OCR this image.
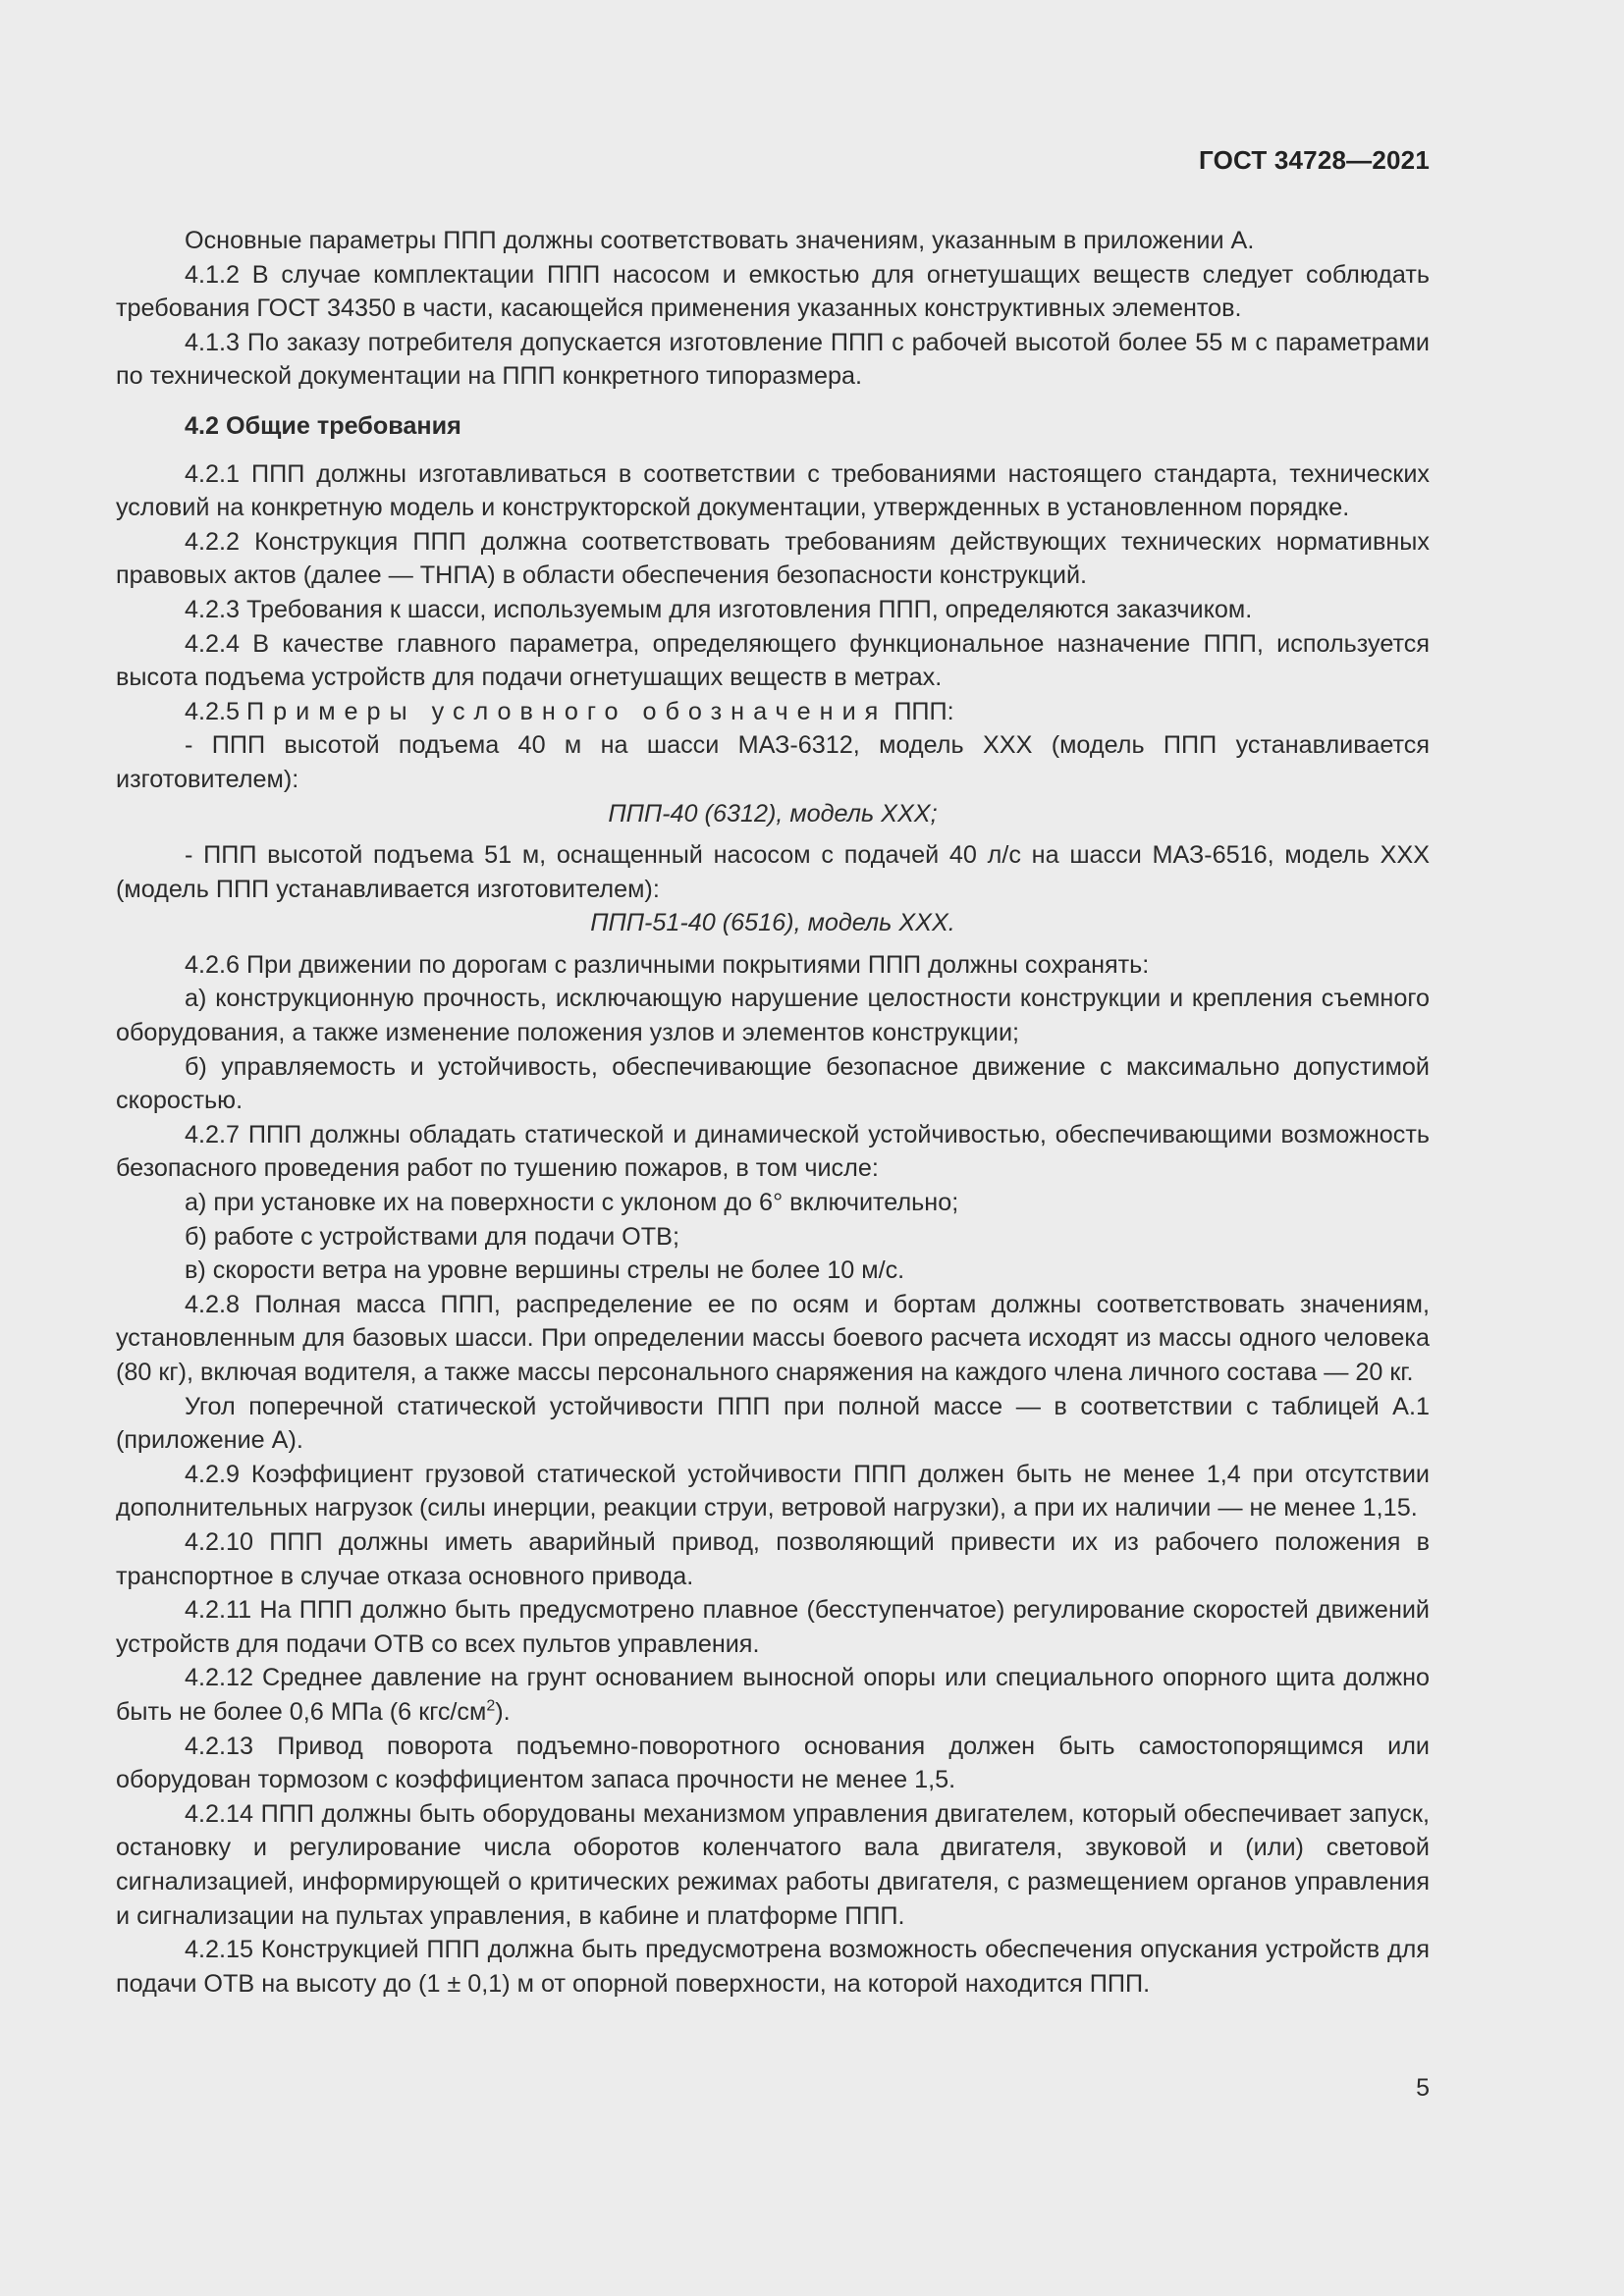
ГОСТ 34728—2021

Основные параметры ППП должны соответствовать значениям, указанным в приложении А.

4.1.2 В случае комплектации ППП насосом и емкостью для огнетушащих веществ следует соблюдать требования ГОСТ 34350 в части, касающейся применения указанных конструктивных элементов.

4.1.3 По заказу потребителя допускается изготовление ППП с рабочей высотой более 55 м с параметрами по технической документации на ППП конкретного типоразмера.

4.2 Общие требования

4.2.1 ППП должны изготавливаться в соответствии с требованиями настоящего стандарта, технических условий на конкретную модель и конструкторской документации, утвержденных в установленном порядке.

4.2.2 Конструкция ППП должна соответствовать требованиям действующих технических нормативных правовых актов (далее — ТНПА) в области обеспечения безопасности конструкций.

4.2.3 Требования к шасси, используемым для изготовления ППП, определяются заказчиком.

4.2.4 В качестве главного параметра, определяющего функциональное назначение ППП, используется высота подъема устройств для подачи огнетушащих веществ в метрах.

4.2.5 Примеры условного обозначения ППП:

- ППП высотой подъема 40 м на шасси МАЗ-6312, модель ХХХ (модель ППП устанавливается изготовителем):

ППП-40 (6312), модель ХХХ;

- ППП высотой подъема 51 м, оснащенный насосом с подачей 40 л/с на шасси МАЗ-6516, модель ХХХ (модель ППП устанавливается изготовителем):

ППП-51-40 (6516), модель ХХХ.

4.2.6 При движении по дорогам с различными покрытиями ППП должны сохранять:

а) конструкционную прочность, исключающую нарушение целостности конструкции и крепления съемного оборудования, а также изменение положения узлов и элементов конструкции;

б) управляемость и устойчивость, обеспечивающие безопасное движение с максимально допустимой скоростью.

4.2.7 ППП должны обладать статической и динамической устойчивостью, обеспечивающими возможность безопасного проведения работ по тушению пожаров, в том числе:

а) при установке их на поверхности с уклоном до 6° включительно;

б) работе с устройствами для подачи ОТВ;

в) скорости ветра на уровне вершины стрелы не более 10 м/с.

4.2.8 Полная масса ППП, распределение ее по осям и бортам должны соответствовать значениям, установленным для базовых шасси. При определении массы боевого расчета исходят из массы одного человека (80 кг), включая водителя, а также массы персонального снаряжения на каждого члена личного состава — 20 кг.

Угол поперечной статической устойчивости ППП при полной массе — в соответствии с таблицей А.1 (приложение А).

4.2.9 Коэффициент грузовой статической устойчивости ППП должен быть не менее 1,4 при отсутствии дополнительных нагрузок (силы инерции, реакции струи, ветровой нагрузки), а при их наличии — не менее 1,15.

4.2.10 ППП должны иметь аварийный привод, позволяющий привести их из рабочего положения в транспортное в случае отказа основного привода.

4.2.11 На ППП должно быть предусмотрено плавное (бесступенчатое) регулирование скоростей движений устройств для подачи ОТВ со всех пультов управления.

4.2.12 Среднее давление на грунт основанием выносной опоры или специального опорного щита должно быть не более 0,6 МПа (6 кгс/$см^2$).

4.2.13 Привод поворота подъемно-поворотного основания должен быть самостопорящимся или оборудован тормозом с коэффициентом запаса прочности не менее 1,5.

4.2.14 ППП должны быть оборудованы механизмом управления двигателем, который обеспечивает запуск, остановку и регулирование числа оборотов коленчатого вала двигателя, звуковой и (или) световой сигнализацией, информирующей о критических режимах работы двигателя, с размещением органов управления и сигнализации на пультах управления, в кабине и платформе ППП.

4.2.15 Конструкцией ППП должна быть предусмотрена возможность обеспечения опускания устройств для подачи ОТВ на высоту до (1 ± 0,1) м от опорной поверхности, на которой находится ППП.

5
